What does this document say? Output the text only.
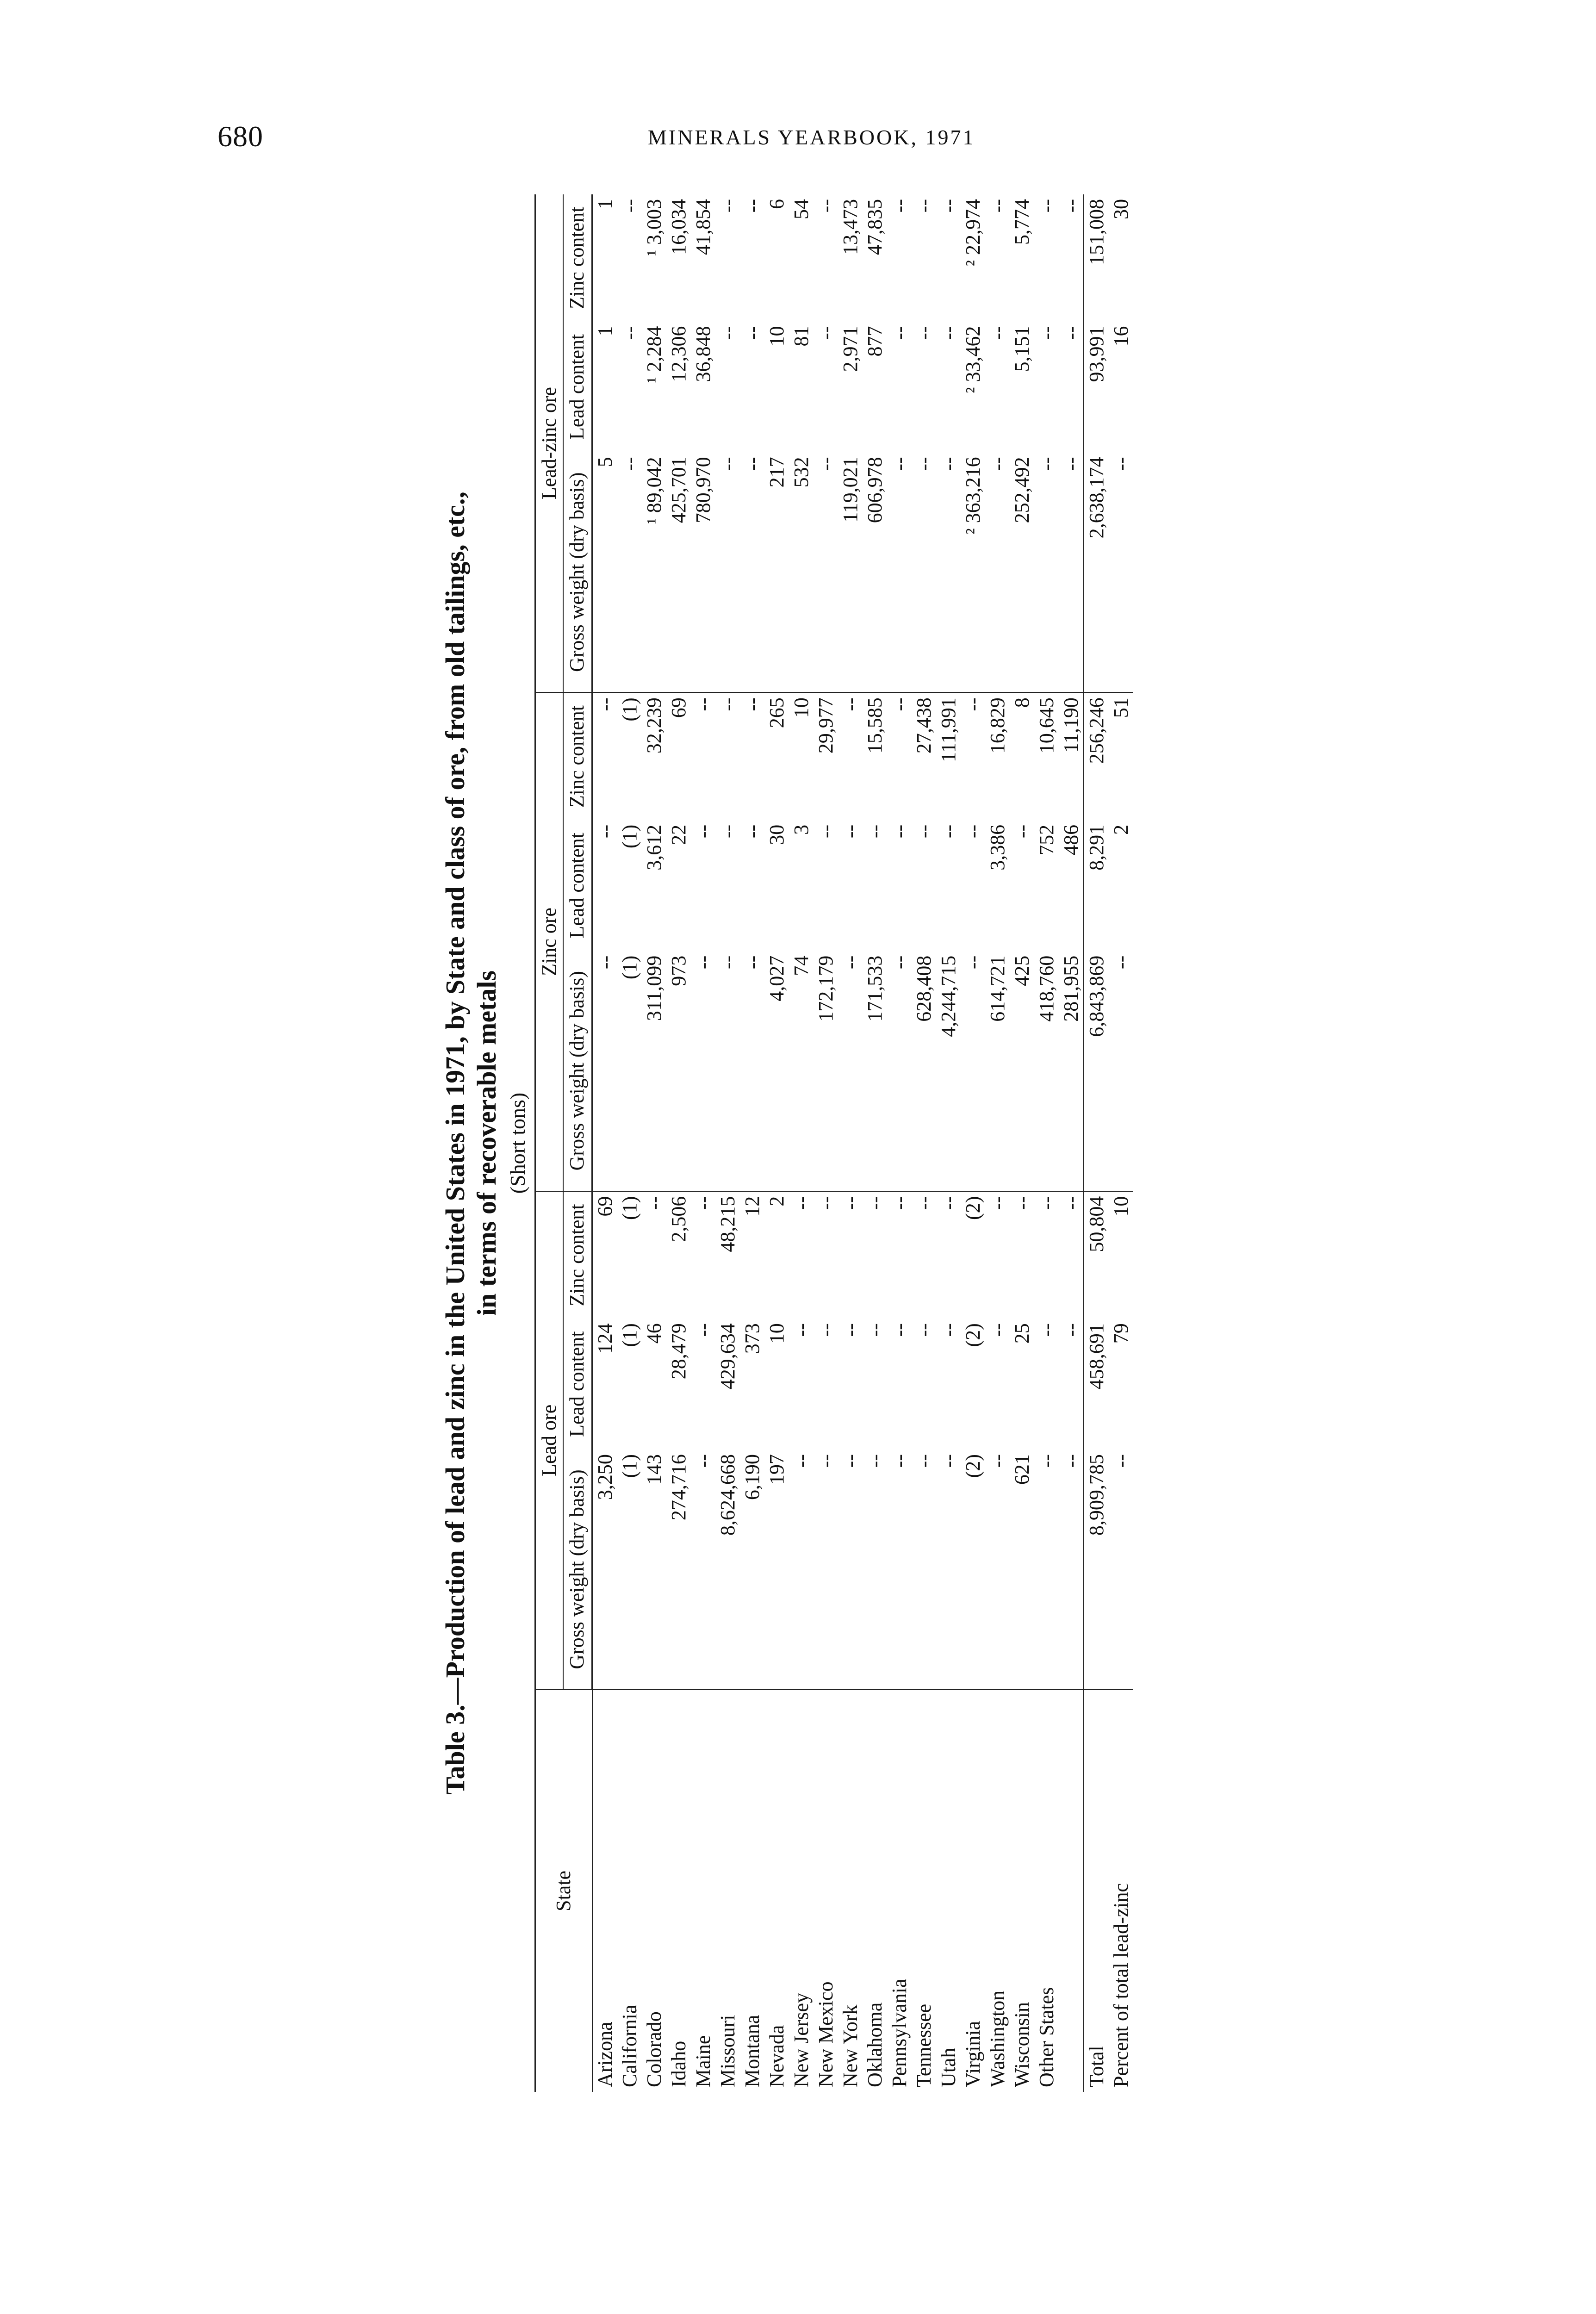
680	MINERALS YEARBOOK, 1971
Table 3.—Production of lead and zinc in the United States in 1971, by State and class of ore, from old tailings, etc., in terms of recoverable metals (Short tons)
State	Lead ore			Zinc ore			Lead-zinc ore		
	Gross weight (dry basis)	Lead content	Zinc content	Gross weight (dry basis)	Lead content	Zinc content	Gross weight (dry basis)	Lead content	Zinc content
Arizona	3,250	124	69	--	--	--	5	1	1
California	(1)	(1)	(1)	(1)	(1)	(1)	--	--	--
Colorado	143	46	--	311,099	3,612	32,239	¹ 89,042	¹ 2,284	¹ 3,003
Idaho	274,716	28,479	2,506	973	22	69	425,701	12,306	16,034
Maine	--	--	--	--	--	--	780,970	36,848	41,854
Missouri	8,624,668	429,634	48,215	--	--	--	--	--	--
Montana	6,190	373	12	--	--	--	--	--	--
Nevada	197	10	2	4,027	30	265	217	10	6
New Jersey	--	--	--	74	3	10	532	81	54
New Mexico	--	--	--	172,179	--	29,977	--	--	--
New York	--	--	--	--	--	--	119,021	2,971	13,473
Oklahoma	--	--	--	171,533	--	15,585	606,978	877	47,835
Pennsylvania	--	--	--	--	--	--	--	--	--
Tennessee	--	--	--	628,408	--	27,438	--	--	--
Utah	--	--	--	4,244,715	--	111,991	--	--	--
Virginia	(2)	(2)	(2)	--	--	--	² 363,216	² 33,462	² 22,974
Washington	--	--	--	614,721	3,386	16,829	--	--	--
Wisconsin	621	25	--	425	--	8	252,492	5,151	5,774
Other States	--	--	--	418,760	752	10,645	--	--	--
	--	--	--	281,955	486	11,190	--	--	--
Total	8,909,785	458,691	50,804	6,843,869	8,291	256,246	2,638,174	93,991	151,008
Percent of total lead-zinc	--	79	10	--	2	51	--	16	30
